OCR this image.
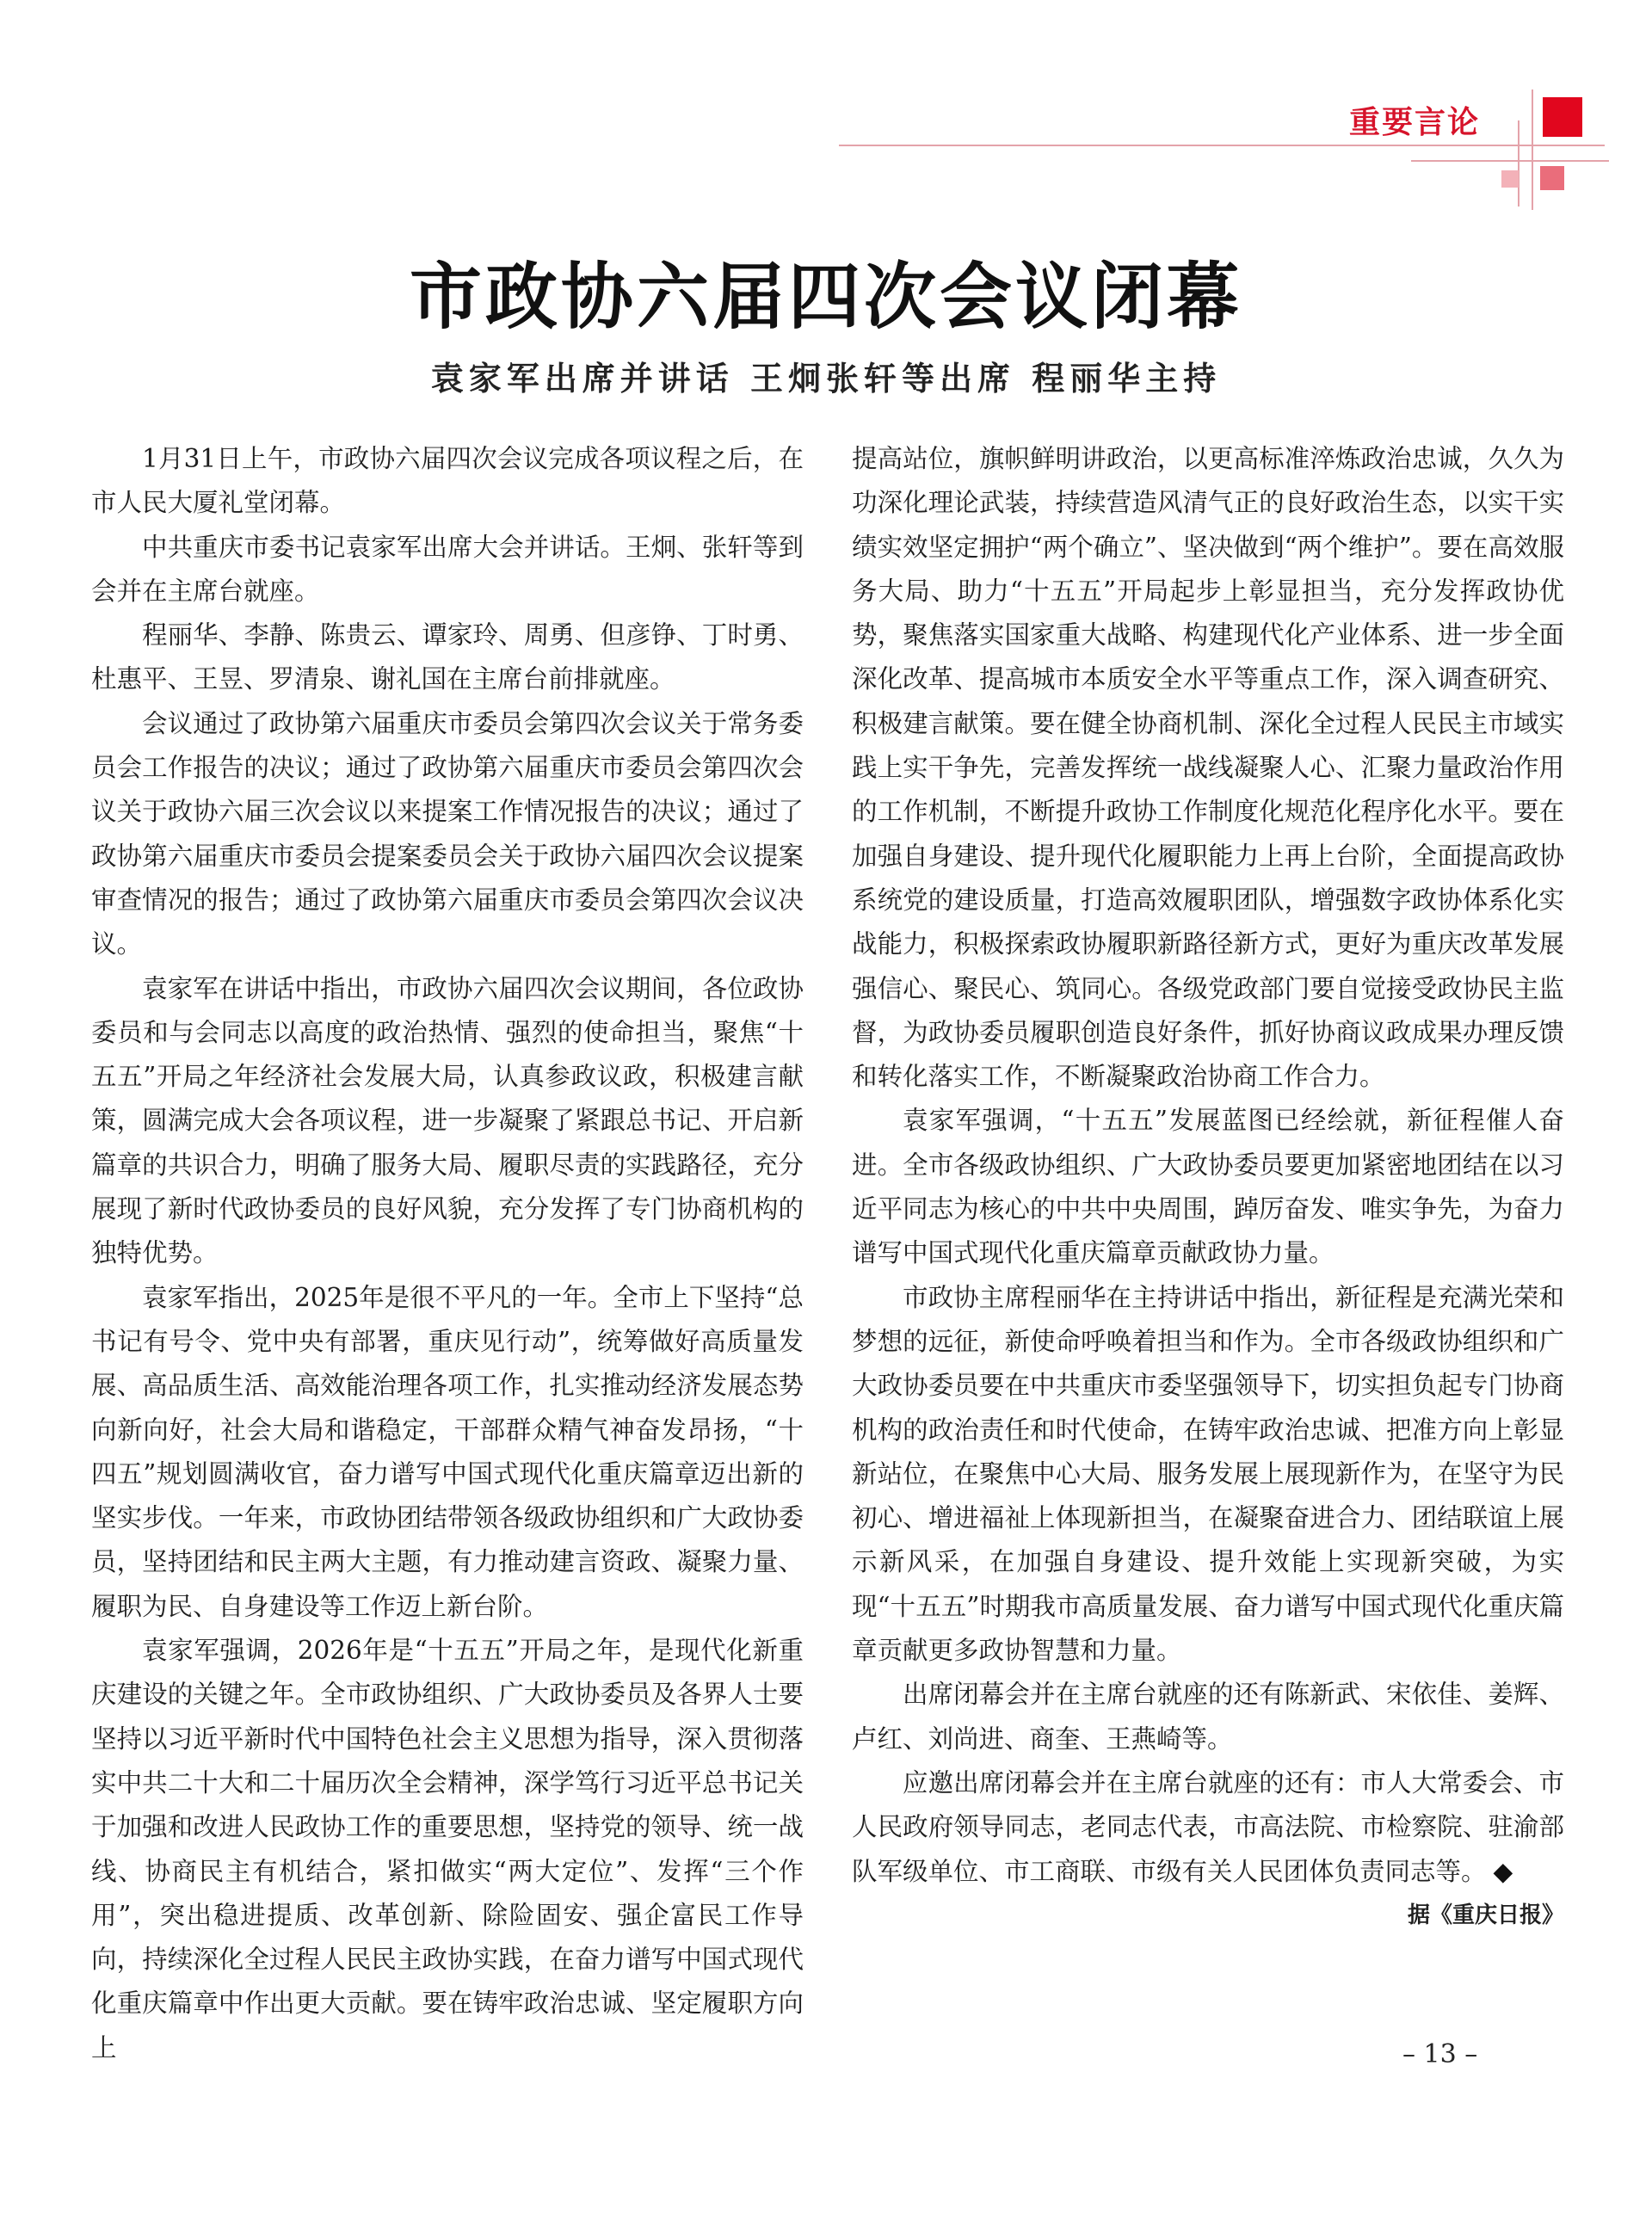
重要言论
市政协六届四次会议闭幕
袁家军出席并讲话 王炯张轩等出席 程丽华主持

1月31日上午，市政协六届四次会议完成各项议程之后，在市人民大厦礼堂闭幕。

中共重庆市委书记袁家军出席大会并讲话。王炯、张轩等到会并在主席台就座。

程丽华、李静、陈贵云、谭家玲、周勇、但彦铮、丁时勇、杜惠平、王昱、罗清泉、谢礼国在主席台前排就座。

会议通过了政协第六届重庆市委员会第四次会议关于常务委员会工作报告的决议；通过了政协第六届重庆市委员会第四次会议关于政协六届三次会议以来提案工作情况报告的决议；通过了政协第六届重庆市委员会提案委员会关于政协六届四次会议提案审查情况的报告；通过了政协第六届重庆市委员会第四次会议决议。

袁家军在讲话中指出，市政协六届四次会议期间，各位政协委员和与会同志以高度的政治热情、强烈的使命担当，聚焦“十五五”开局之年经济社会发展大局，认真参政议政，积极建言献策，圆满完成大会各项议程，进一步凝聚了紧跟总书记、开启新篇章的共识合力，明确了服务大局、履职尽责的实践路径，充分展现了新时代政协委员的良好风貌，充分发挥了专门协商机构的独特优势。

袁家军指出，2025年是很不平凡的一年。全市上下坚持“总书记有号令、党中央有部署，重庆见行动”，统筹做好高质量发展、高品质生活、高效能治理各项工作，扎实推动经济发展态势向新向好，社会大局和谐稳定，干部群众精气神奋发昂扬，“十四五”规划圆满收官，奋力谱写中国式现代化重庆篇章迈出新的坚实步伐。一年来，市政协团结带领各级政协组织和广大政协委员，坚持团结和民主两大主题，有力推动建言资政、凝聚力量、履职为民、自身建设等工作迈上新台阶。

袁家军强调，2026年是“十五五”开局之年，是现代化新重庆建设的关键之年。全市政协组织、广大政协委员及各界人士要坚持以习近平新时代中国特色社会主义思想为指导，深入贯彻落实中共二十大和二十届历次全会精神，深学笃行习近平总书记关于加强和改进人民政协工作的重要思想，坚持党的领导、统一战线、协商民主有机结合，紧扣做实“两大定位”、发挥“三个作用”，突出稳进提质、改革创新、除险固安、强企富民工作导向，持续深化全过程人民民主政协实践，在奋力谱写中国式现代化重庆篇章中作出更大贡献。要在铸牢政治忠诚、坚定履职方向上

提高站位，旗帜鲜明讲政治，以更高标准淬炼政治忠诚，久久为功深化理论武装，持续营造风清气正的良好政治生态，以实干实绩实效坚定拥护“两个确立”、坚决做到“两个维护”。要在高效服务大局、助力“十五五”开局起步上彰显担当，充分发挥政协优势，聚焦落实国家重大战略、构建现代化产业体系、进一步全面深化改革、提高城市本质安全水平等重点工作，深入调查研究、积极建言献策。要在健全协商机制、深化全过程人民民主市域实践上实干争先，完善发挥统一战线凝聚人心、汇聚力量政治作用的工作机制，不断提升政协工作制度化规范化程序化水平。要在加强自身建设、提升现代化履职能力上再上台阶，全面提高政协系统党的建设质量，打造高效履职团队，增强数字政协体系化实战能力，积极探索政协履职新路径新方式，更好为重庆改革发展强信心、聚民心、筑同心。各级党政部门要自觉接受政协民主监督，为政协委员履职创造良好条件，抓好协商议政成果办理反馈和转化落实工作，不断凝聚政治协商工作合力。

袁家军强调，“十五五”发展蓝图已经绘就，新征程催人奋进。全市各级政协组织、广大政协委员要更加紧密地团结在以习近平同志为核心的中共中央周围，踔厉奋发、唯实争先，为奋力谱写中国式现代化重庆篇章贡献政协力量。

市政协主席程丽华在主持讲话中指出，新征程是充满光荣和梦想的远征，新使命呼唤着担当和作为。全市各级政协组织和广大政协委员要在中共重庆市委坚强领导下，切实担负起专门协商机构的政治责任和时代使命，在铸牢政治忠诚、把准方向上彰显新站位，在聚焦中心大局、服务发展上展现新作为，在坚守为民初心、增进福祉上体现新担当，在凝聚奋进合力、团结联谊上展示新风采，在加强自身建设、提升效能上实现新突破，为实现“十五五”时期我市高质量发展、奋力谱写中国式现代化重庆篇章贡献更多政协智慧和力量。

出席闭幕会并在主席台就座的还有陈新武、宋依佳、姜辉、卢红、刘尚进、商奎、王燕崎等。

应邀出席闭幕会并在主席台就座的还有：市人大常委会、市人民政府领导同志，老同志代表，市高法院、市检察院、驻渝部队军级单位、市工商联、市级有关人民团体负责同志等。 ◆
据《重庆日报》

– 13 –
